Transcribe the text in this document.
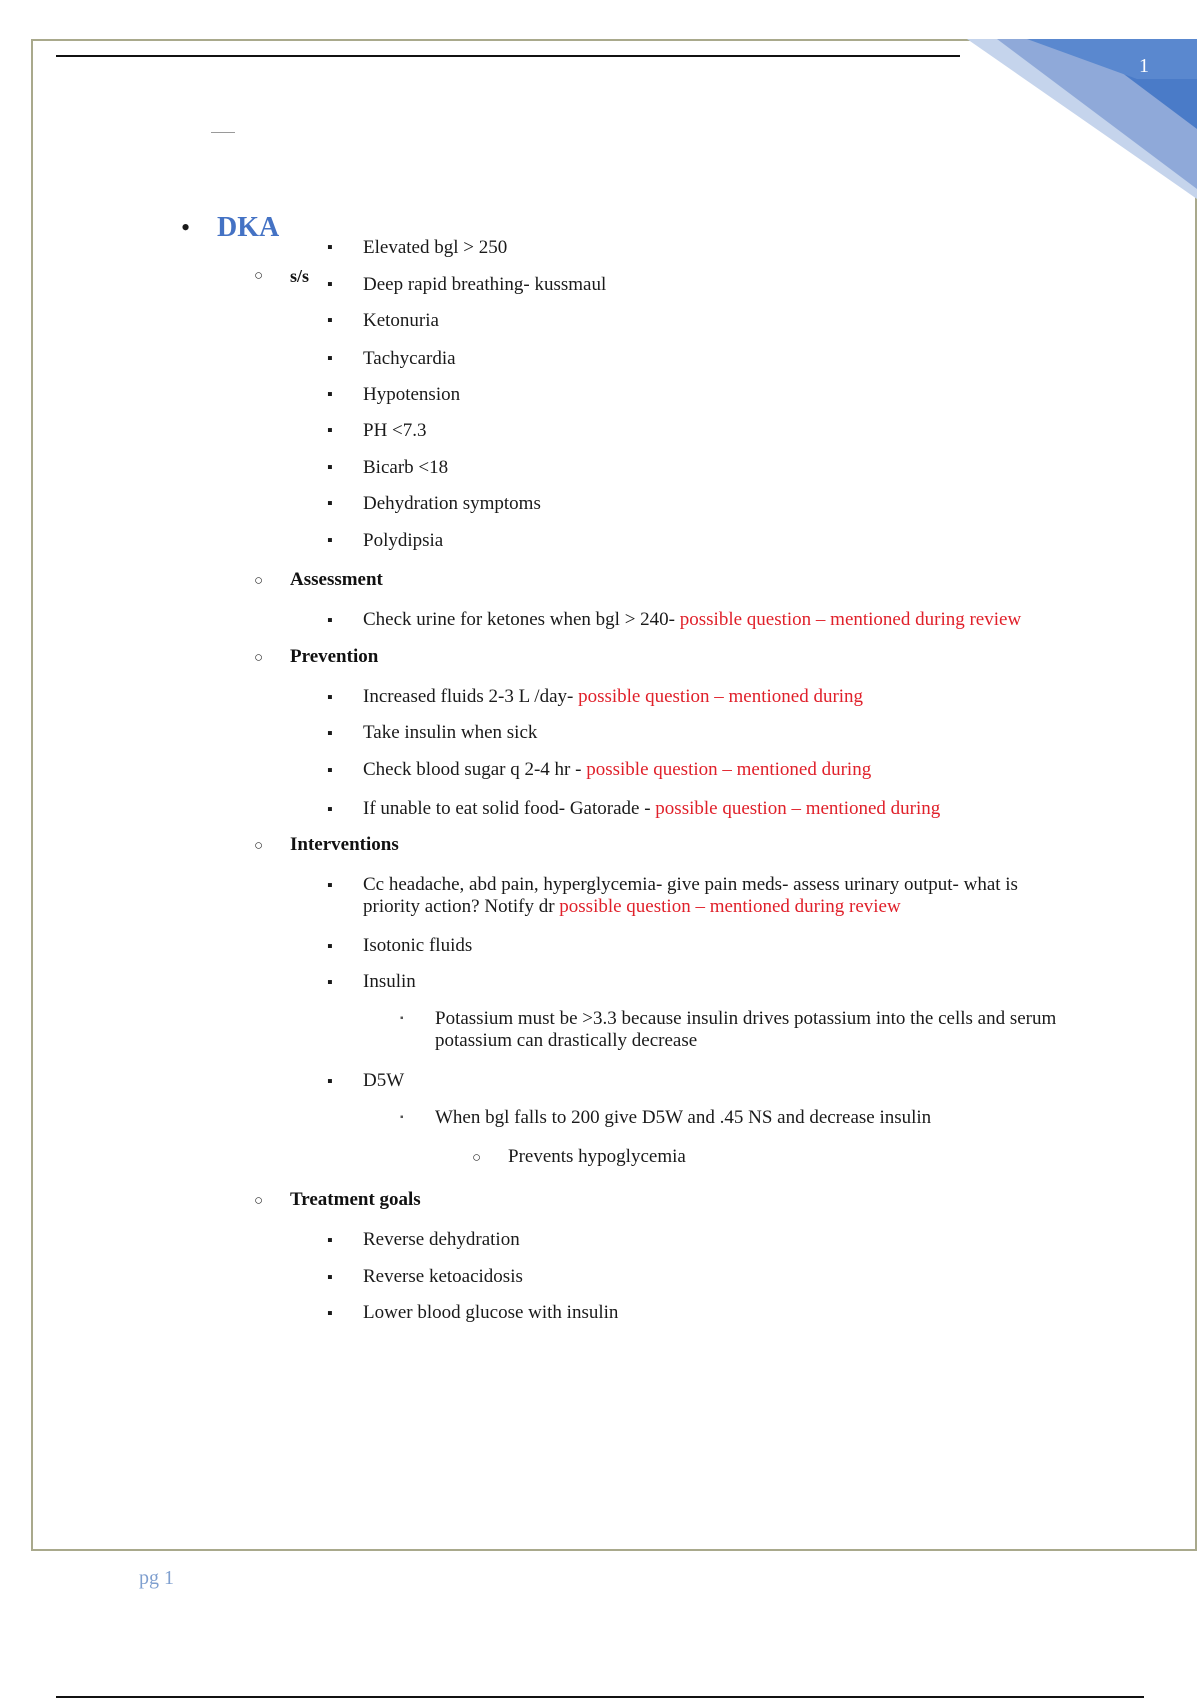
1
• DKA
○ s/s
▪ Elevated bgl > 250
▪ Deep rapid breathing- kussmaul
▪ Ketonuria
▪ Tachycardia
▪ Hypotension
▪ PH <7.3
▪ Bicarb <18
▪ Dehydration symptoms
▪ Polydipsia
○ Assessment
▪ Check urine for ketones when bgl > 240- possible question – mentioned during review
○ Prevention
▪ Increased fluids 2-3 L /day- possible question – mentioned during
▪ Take insulin when sick
▪ Check blood sugar q 2-4 hr - possible question – mentioned during
▪ If unable to eat solid food- Gatorade - possible question – mentioned during
○ Interventions
▪ Cc headache, abd pain, hyperglycemia- give pain meds- assess urinary output- what is priority action? Notify dr possible question – mentioned during review
▪ Isotonic fluids
▪ Insulin
▪ Potassium must be >3.3 because insulin drives potassium into the cells and serum potassium can drastically decrease
▪ D5W
▪ When bgl falls to 200 give D5W and .45 NS and decrease insulin
○ Prevents hypoglycemia
○ Treatment goals
▪ Reverse dehydration
▪ Reverse ketoacidosis
▪ Lower blood glucose with insulin
pg 1
